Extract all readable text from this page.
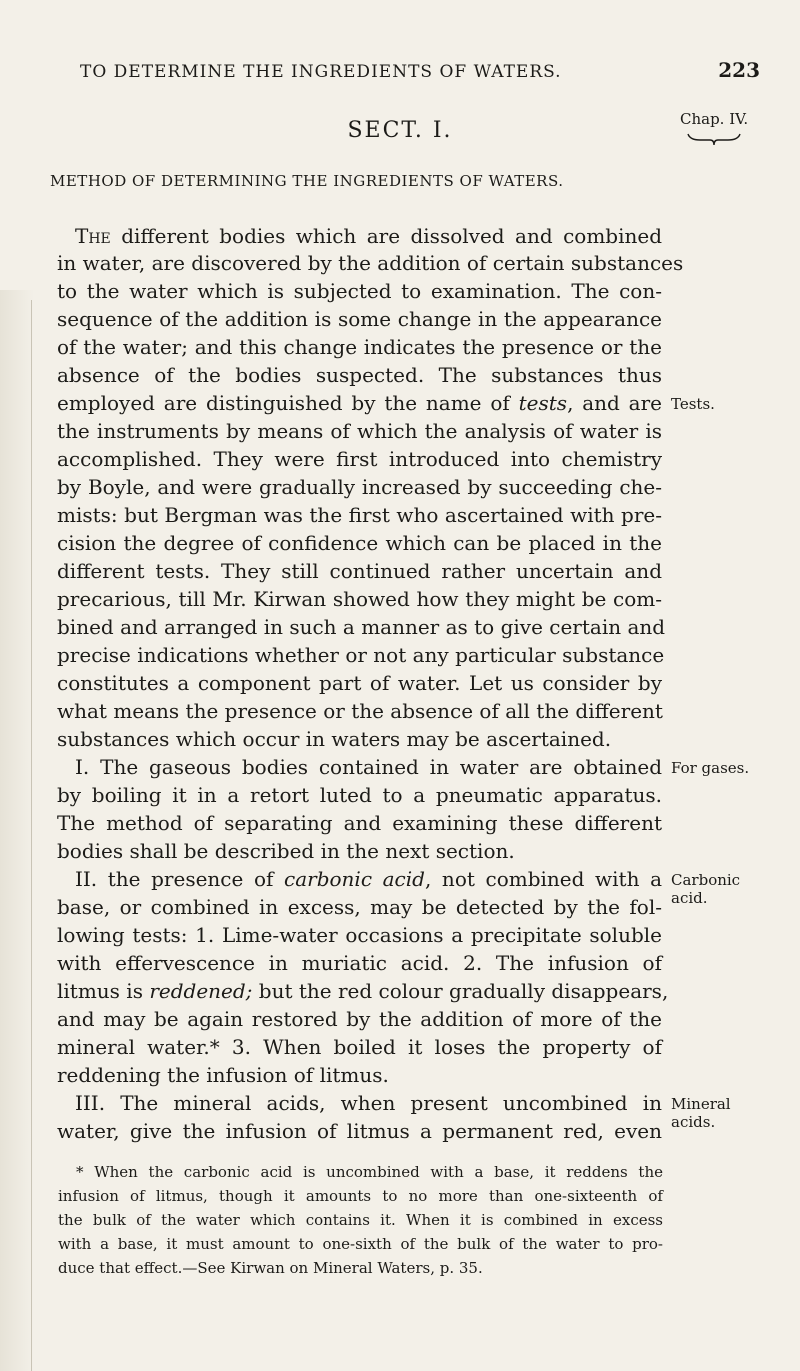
TO DETERMINE THE INGREDIENTS OF WATERS.	223
SECT. I.	Chap. IV.
METHOD OF DETERMINING THE INGREDIENTS OF WATERS.
The different bodies which are dissolved and combined
in water, are discovered by the addition of certain substances
to the water which is subjected to examination. The con-
sequence of the addition is some change in the appearance
of the water; and this change indicates the presence or the
absence of the bodies suspected. The substances thus
employed are distinguished by the name of tests, and are
the instruments by means of which the analysis of water is
accomplished. They were first introduced into chemistry
by Boyle, and were gradually increased by succeeding che-
mists: but Bergman was the first who ascertained with pre-
cision the degree of confidence which can be placed in the
different tests. They still continued rather uncertain and
precarious, till Mr. Kirwan showed how they might be com-
bined and arranged in such a manner as to give certain and
precise indications whether or not any particular substance
constitutes a component part of water. Let us consider by
what means the presence or the absence of all the different
substances which occur in waters may be ascertained.
I. The gaseous bodies contained in water are obtained
by boiling it in a retort luted to a pneumatic apparatus.
The method of separating and examining these different
bodies shall be described in the next section.
II. the presence of carbonic acid, not combined with a
base, or combined in excess, may be detected by the fol-
lowing tests: 1. Lime-water occasions a precipitate soluble
with effervescence in muriatic acid. 2. The infusion of
litmus is reddened; but the red colour gradually disappears,
and may be again restored by the addition of more of the
mineral water.* 3. When boiled it loses the property of
reddening the infusion of litmus.
III. The mineral acids, when present uncombined in
water, give the infusion of litmus a permanent red, even
Tests.
For gases.
Carbonic
acid.
Mineral
acids.
* When the carbonic acid is uncombined with a base, it reddens the
infusion of litmus, though it amounts to no more than one-sixteenth of
the bulk of the water which contains it. When it is combined in excess
with a base, it must amount to one-sixth of the bulk of the water to pro-
duce that effect.—See Kirwan on Mineral Waters, p. 35.
